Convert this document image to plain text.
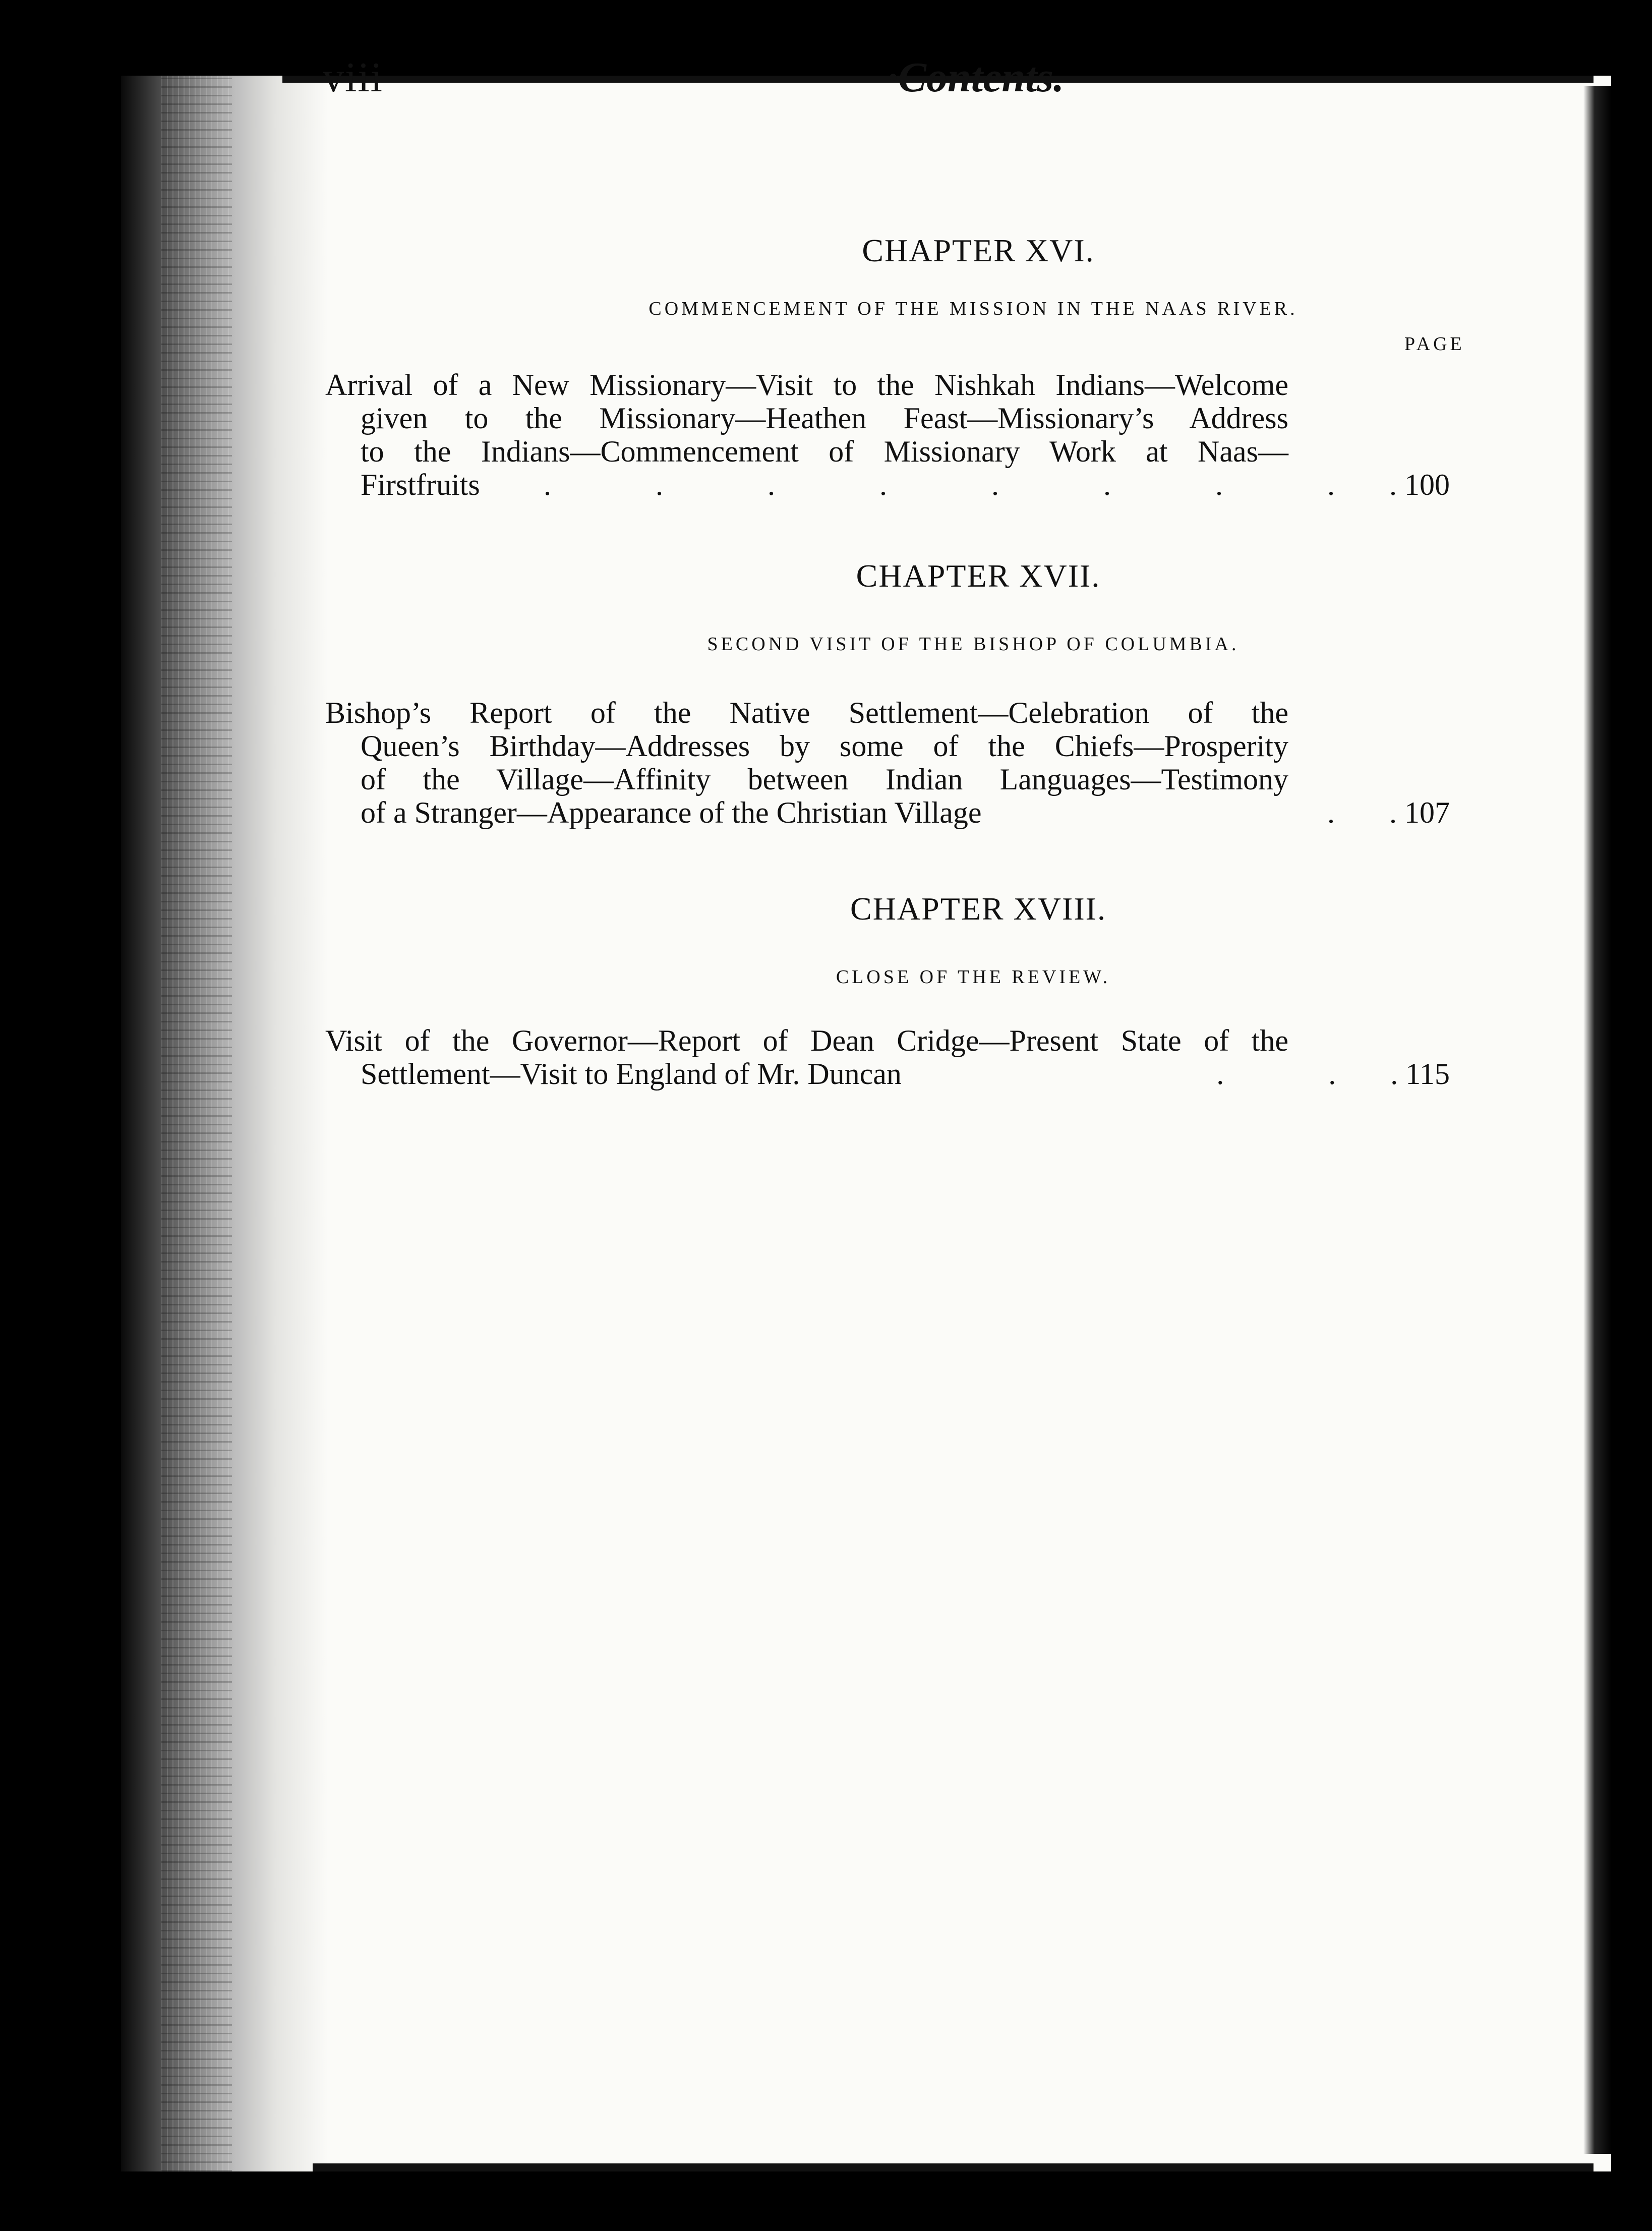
viii	·Contents.
CHAPTER XVI.
COMMENCEMENT OF THE MISSION IN THE NAAS RIVER.
PAGE
Arrival of a New Missionary—Visit to the Nishkah Indians—Welcome
given to the Missionary—Heathen Feast—Missionary’s Address
to the Indians—Commencement of Missionary Work at Naas—
Firstfruits	. . . . . . . . . 100
CHAPTER XVII.
SECOND VISIT OF THE BISHOP OF COLUMBIA.
Bishop’s Report of the Native Settlement—Celebration of the
Queen’s Birthday—Addresses by some of the Chiefs—Prosperity
of the Village—Affinity between Indian Languages—Testimony
of a Stranger—Appearance of the Christian Village	. . 107
CHAPTER XVIII.
CLOSE OF THE REVIEW.
Visit of the Governor—Report of Dean Cridge—Present State of the
Settlement—Visit to England of Mr. Duncan	. . . 115
